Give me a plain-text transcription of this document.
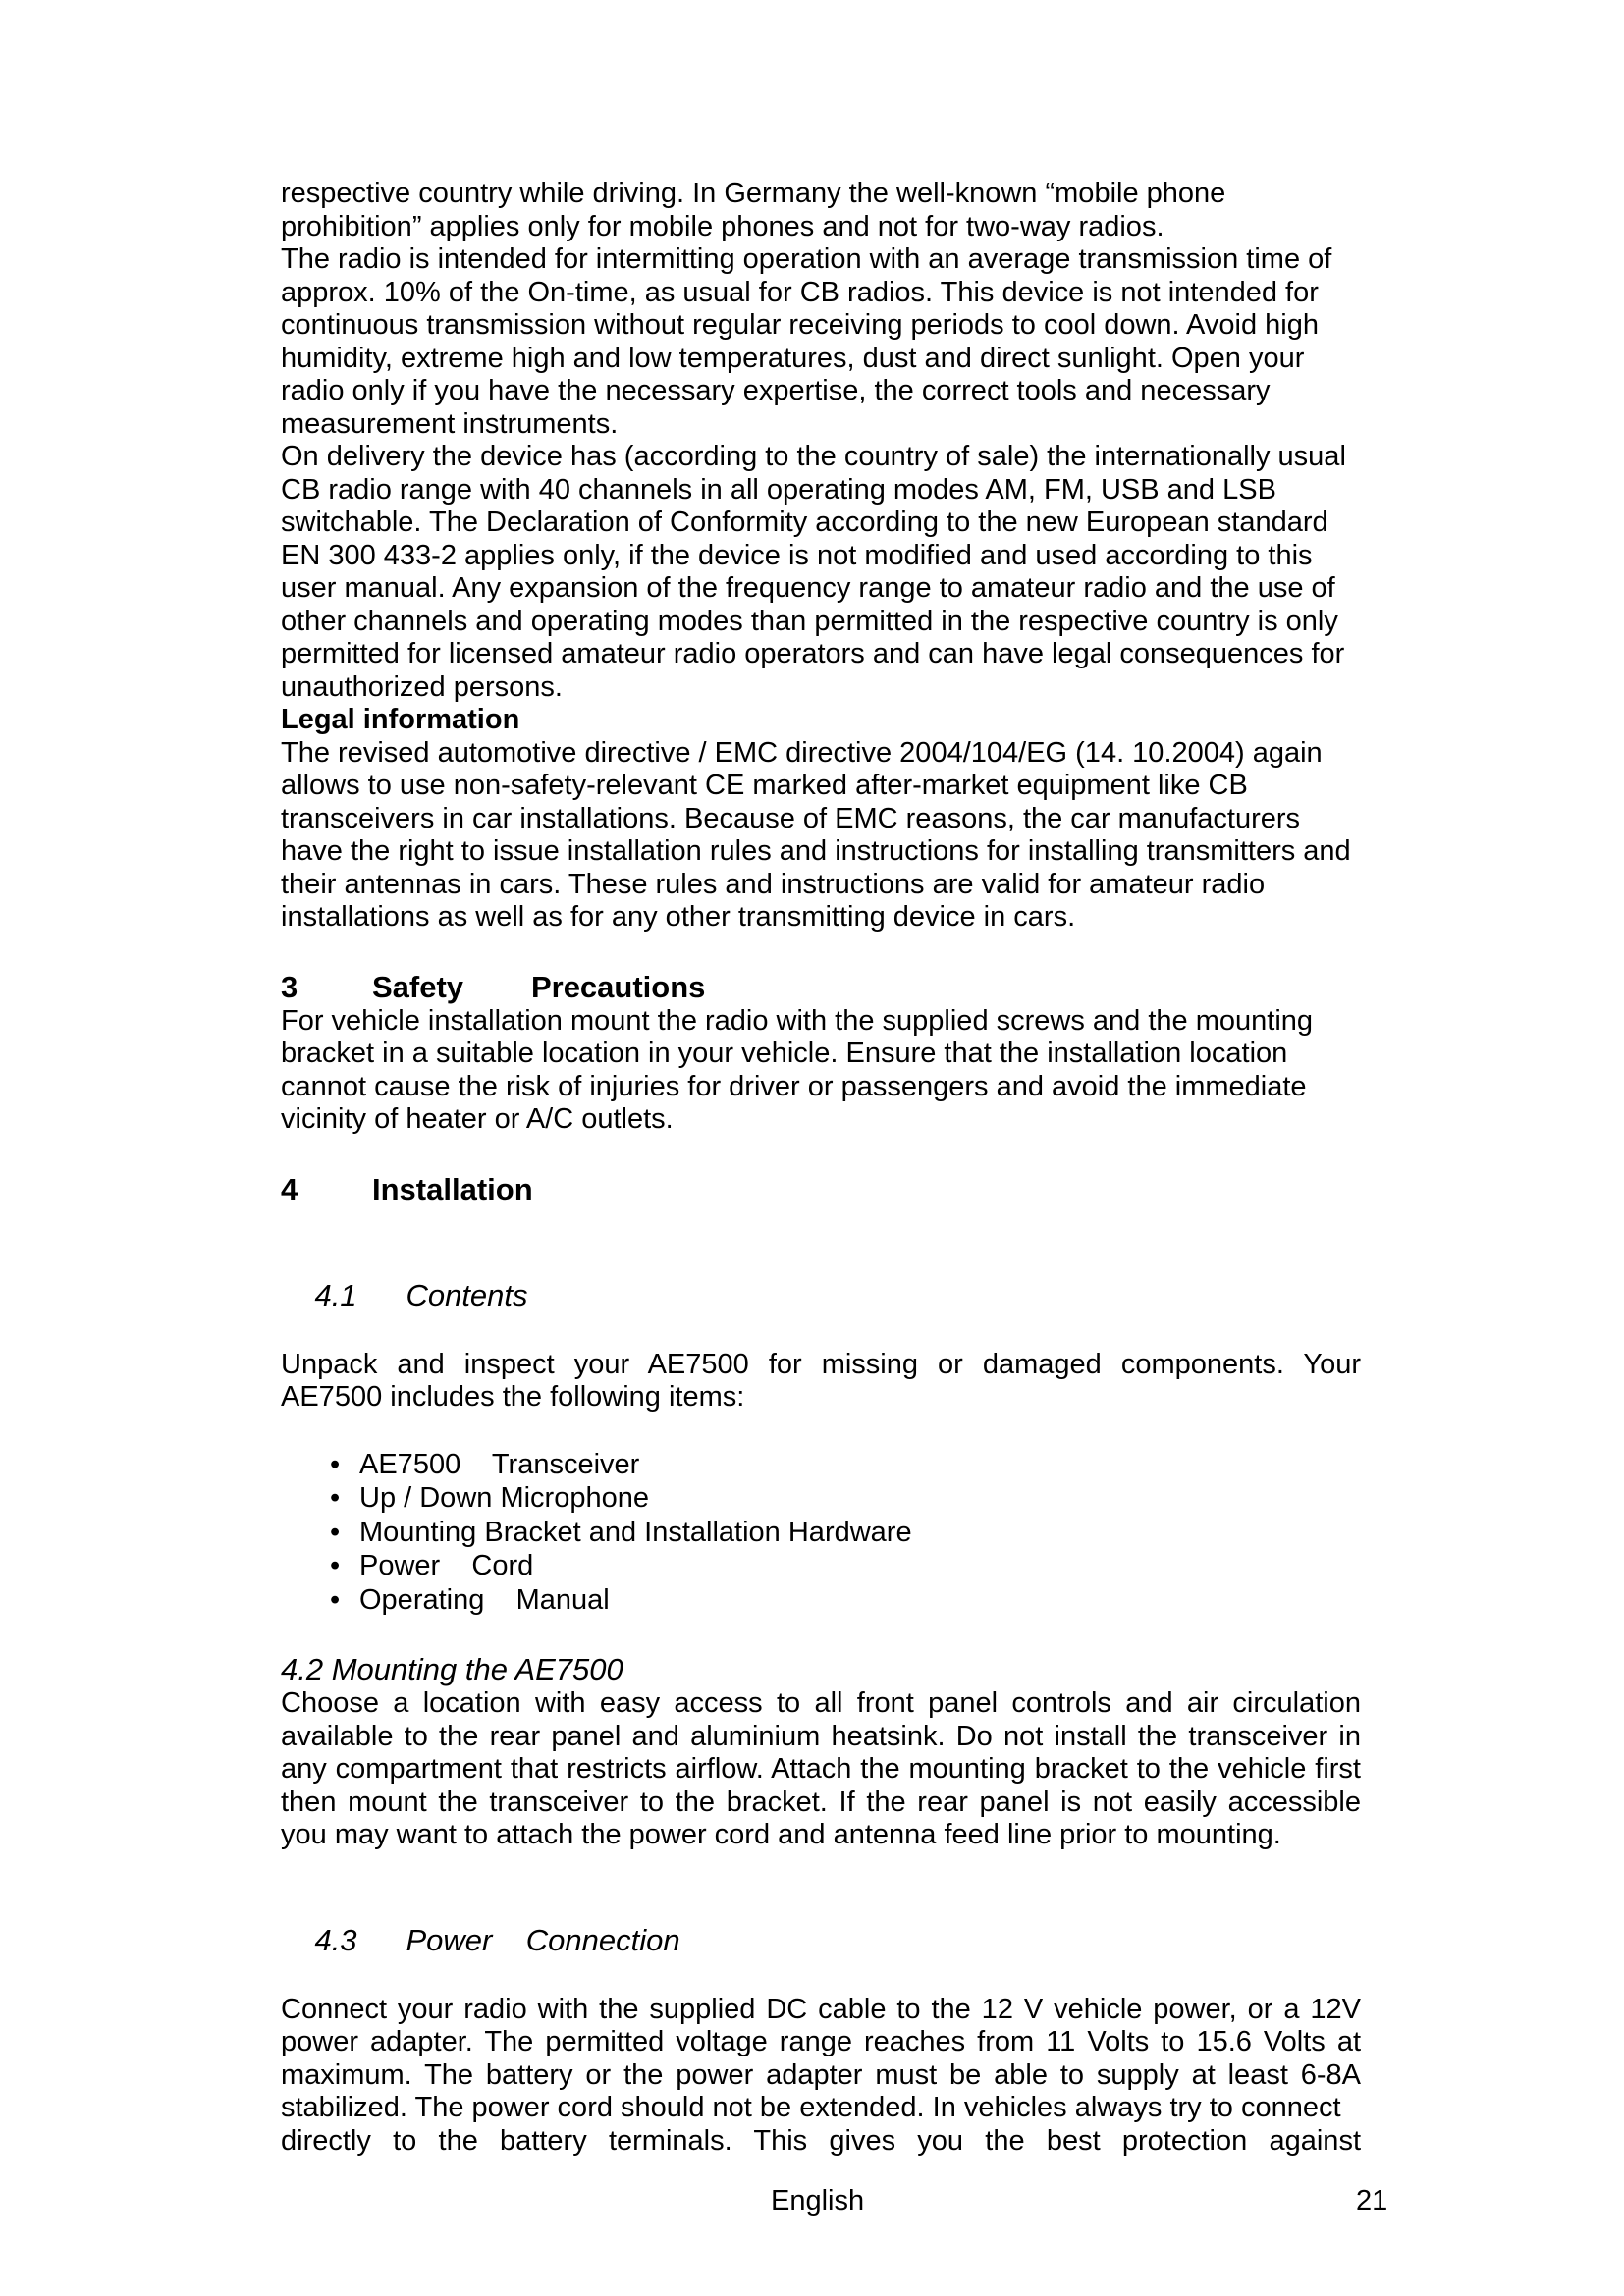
respective country while driving. In Germany the well-known “mobile phone prohibition” applies only for mobile phones and not for two-way radios.

The radio is intended for intermitting operation with an average transmission time of approx. 10% of the On-time, as usual for CB radios. This device is not intended for continuous transmission without regular receiving periods to cool down. Avoid high humidity, extreme high and low temperatures, dust and direct sunlight. Open your radio only if you have the necessary expertise, the correct tools and necessary measurement instruments.

On delivery the device has (according to the country of sale) the internationally usual CB radio range with 40 channels in all operating modes AM, FM, USB and LSB switchable. The Declaration of Conformity according to the new European standard EN 300 433-2 applies only, if the device is not modified and used according to this user manual. Any expansion of the frequency range to amateur radio and the use of other channels and operating modes than permitted in the respective country is only permitted for licensed amateur radio operators and can have legal consequences for unauthorized persons.

Legal information

The revised automotive directive / EMC directive 2004/104/EG (14. 10.2004) again allows to use non-safety-relevant CE marked after-market equipment like CB transceivers in car installations. Because of EMC reasons, the car manufacturers have the right to issue installation rules and instructions for installing transmitters and their antennas in cars. These rules and instructions are valid for amateur radio installations as well as for any other transmitting device in cars.

3	Safety        Precautions

For vehicle installation mount the radio with the supplied screws and the mounting bracket in a suitable location in your vehicle. Ensure that the installation location cannot cause the risk of injuries for driver or passengers and avoid the immediate vicinity of heater or A/C outlets.

4	Installation

4.1 Contents

Unpack and inspect your AE7500 for missing or damaged components. Your

AE7500 includes the following items:

• AE7500    Transceiver
• Up / Down Microphone
• Mounting Bracket and Installation Hardware
• Power    Cord
• Operating    Manual
4.2 Mounting the AE7500

Choose a location with easy access to all front panel controls and air circulation available to the rear panel and aluminium heatsink. Do not install the transceiver in any compartment that restricts airflow. Attach the mounting bracket to the vehicle first then mount the transceiver to the bracket. If the rear panel is not easily accessible you may want to attach the power cord and antenna feed line prior to mounting.

4.3 Power    Connection

Connect your radio with the supplied DC cable to the 12 V vehicle power, or a 12V power adapter. The permitted voltage range reaches from 11 Volts to 15.6 Volts at maximum. The battery or the power adapter must be able to supply at least 6-8A stabilized. The power cord should not be extended. In vehicles always try to connect

directly to the battery terminals. This gives you the best protection against

English	21
